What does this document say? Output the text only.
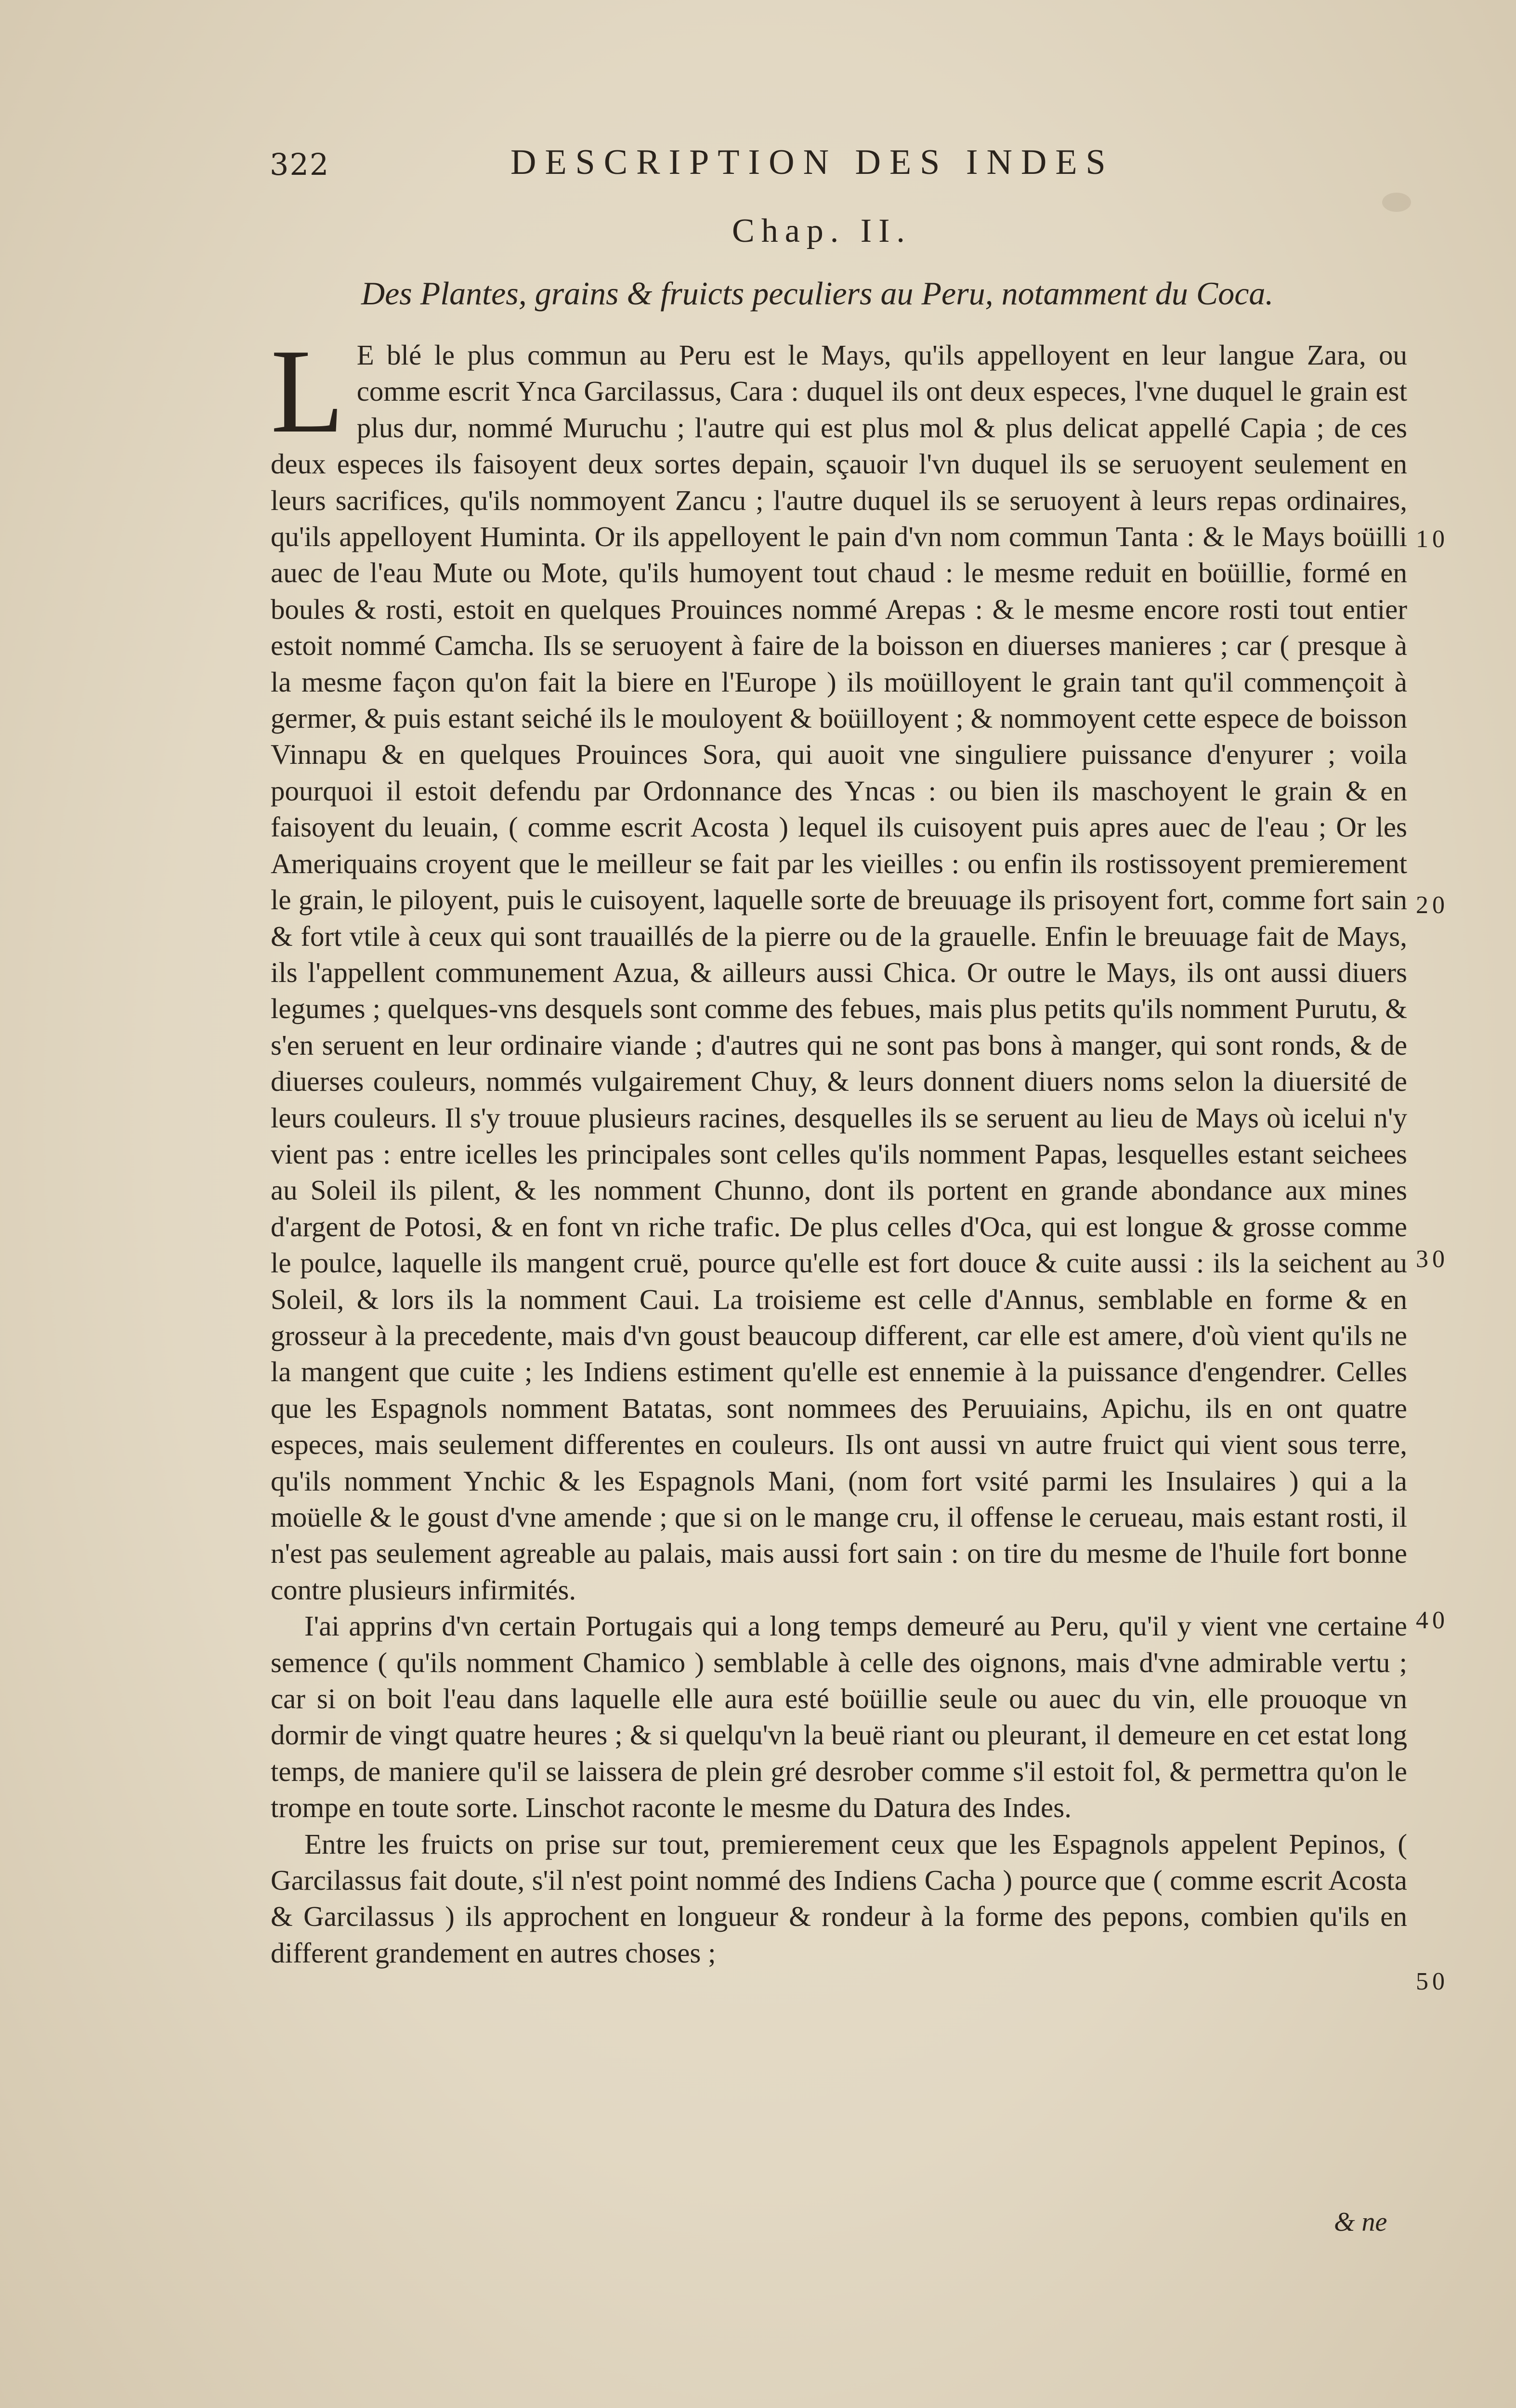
322	DESCRIPTION DES INDES
Chap. II.
Des Plantes, grains & fruicts peculiers au Peru, notamment du Coca.

L E blé le plus commun au Peru est le Mays, qu'ils appelloyent en leur langue Zara, ou comme escrit Ynca Garcilassus, Cara : duquel ils ont deux especes, l'vne duquel le grain est plus dur, nommé Muruchu ; l'autre qui est plus mol & plus delicat appellé Capia ; de ces deux especes ils faisoyent deux sortes depain, sçauoir l'vn duquel ils se seruoyent seulement en leurs sacrifices, qu'ils nommoyent Zancu ; l'autre duquel ils se seruoyent à leurs repas ordinaires, qu'ils appelloyent Huminta. Or ils appelloyent le pain d'vn nom commun Tanta : & le Mays boüilli auec de l'eau Mute ou Mote, qu'ils humoyent tout chaud : le mesme reduit en boüillie, formé en boules & rosti, estoit en quelques Prouinces nommé Arepas : & le mesme encore rosti tout entier estoit nommé Camcha. Ils se seruoyent à faire de la boisson en diuerses manieres ; car ( presque à la mesme façon qu'on fait la biere en l'Europe ) ils moüilloyent le grain tant qu'il commençoit à germer, & puis estant seiché ils le mouloyent & boüilloyent ; & nommoyent cette espece de boisson Vinnapu & en quelques Prouinces Sora, qui auoit vne singuliere puissance d'enyurer ; voila pourquoi il estoit defendu par Ordonnance des Yncas : ou bien ils maschoyent le grain & en faisoyent du leuain, ( comme escrit Acosta ) lequel ils cuisoyent puis apres auec de l'eau ; Or les Ameriquains croyent que le meilleur se fait par les vieilles : ou enfin ils rostissoyent premierement le grain, le piloyent, puis le cuisoyent, laquelle sorte de breuuage ils prisoyent fort, comme fort sain & fort vtile à ceux qui sont trauaillés de la pierre ou de la grauelle. Enfin le breuuage fait de Mays, ils l'appellent communement Azua, & ailleurs aussi Chica. Or outre le Mays, ils ont aussi diuers legumes ; quelques-vns desquels sont comme des febues, mais plus petits qu'ils nomment Purutu, & s'en seruent en leur ordinaire viande ; d'autres qui ne sont pas bons à manger, qui sont ronds, & de diuerses couleurs, nommés vulgairement Chuy, & leurs donnent diuers noms selon la diuersité de leurs couleurs. Il s'y trouue plusieurs racines, desquelles ils se seruent au lieu de Mays où icelui n'y vient pas : entre icelles les principales sont celles qu'ils nomment Papas, lesquelles estant seichees au Soleil ils pilent, & les nomment Chunno, dont ils portent en grande abondance aux mines d'argent de Potosi, & en font vn riche trafic. De plus celles d'Oca, qui est longue & grosse comme le poulce, laquelle ils mangent cruë, pource qu'elle est fort douce & cuite aussi : ils la seichent au Soleil, & lors ils la nomment Caui. La troisieme est celle d'Annus, semblable en forme & en grosseur à la precedente, mais d'vn goust beaucoup different, car elle est amere, d'où vient qu'ils ne la mangent que cuite ; les Indiens estiment qu'elle est ennemie à la puissance d'engendrer. Celles que les Espagnols nomment Batatas, sont nommees des Peruuiains, Apichu, ils en ont quatre especes, mais seulement differentes en couleurs. Ils ont aussi vn autre fruict qui vient sous terre, qu'ils nomment Ynchic & les Espagnols Mani, (nom fort vsité parmi les Insulaires ) qui a la moüelle & le goust d'vne amende ; que si on le mange cru, il offense le cerueau, mais estant rosti, il n'est pas seulement agreable au palais, mais aussi fort sain : on tire du mesme de l'huile fort bonne contre plusieurs infirmités.

I'ai apprins d'vn certain Portugais qui a long temps demeuré au Peru, qu'il y vient vne certaine semence ( qu'ils nomment Chamico ) semblable à celle des oignons, mais d'vne admirable vertu ; car si on boit l'eau dans laquelle elle aura esté boüillie seule ou auec du vin, elle prouoque vn dormir de vingt quatre heures ; & si quelqu'vn la beuë riant ou pleurant, il demeure en cet estat long temps, de maniere qu'il se laissera de plein gré desrober comme s'il estoit fol, & permettra qu'on le trompe en toute sorte. Linschot raconte le mesme du Datura des Indes.

Entre les fruicts on prise sur tout, premierement ceux que les Espagnols appelent Pepinos, ( Garcilassus fait doute, s'il n'est point nommé des Indiens Cacha ) pource que ( comme escrit Acosta & Garcilassus ) ils approchent en longueur & rondeur à la forme des pepons, combien qu'ils en different grandement en autres choses ;

& ne
10
20
30
40
50
